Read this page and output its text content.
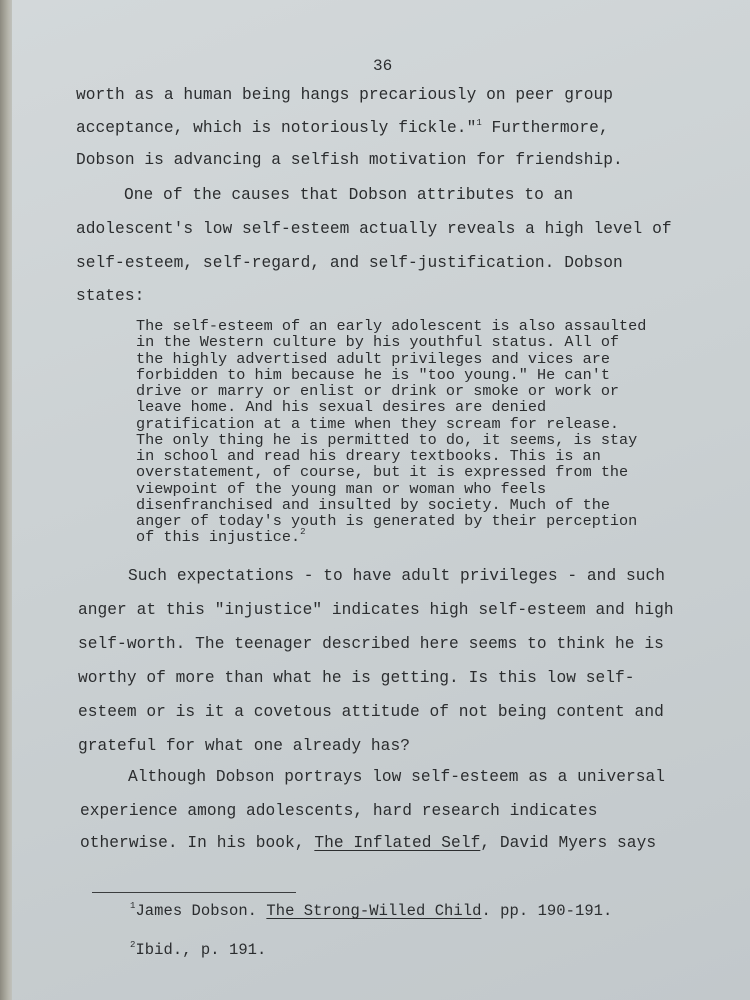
36
worth as a human being hangs precariously on peer group
acceptance, which is notoriously fickle."$^1$ Furthermore,
Dobson is advancing a selfish motivation for friendship.
One of the causes that Dobson attributes to an
adolescent's low self-esteem actually reveals a high level of
self-esteem, self-regard, and self-justification. Dobson
states:
The self-esteem of an early adolescent is also assaulted
in the Western culture by his youthful status. All of
the highly advertised adult privileges and vices are
forbidden to him because he is "too young." He can't
drive or marry or enlist or drink or smoke or work or
leave home. And his sexual desires are denied
gratification at a time when they scream for release.
The only thing he is permitted to do, it seems, is stay
in school and read his dreary textbooks. This is an
overstatement, of course, but it is expressed from the
viewpoint of the young man or woman who feels
disenfranchised and insulted by society. Much of the
anger of today's youth is generated by their perception
of this injustice.$^2$
Such expectations - to have adult privileges - and such
anger at this "injustice" indicates high self-esteem and high
self-worth. The teenager described here seems to think he is
worthy of more than what he is getting. Is this low self-
esteem or is it a covetous attitude of not being content and
grateful for what one already has?
Although Dobson portrays low self-esteem as a universal
experience among adolescents, hard research indicates
otherwise. In his book, The Inflated Self, David Myers says
$^1$James Dobson. The Strong-Willed Child. pp. 190-191.
$^2$Ibid., p. 191.
